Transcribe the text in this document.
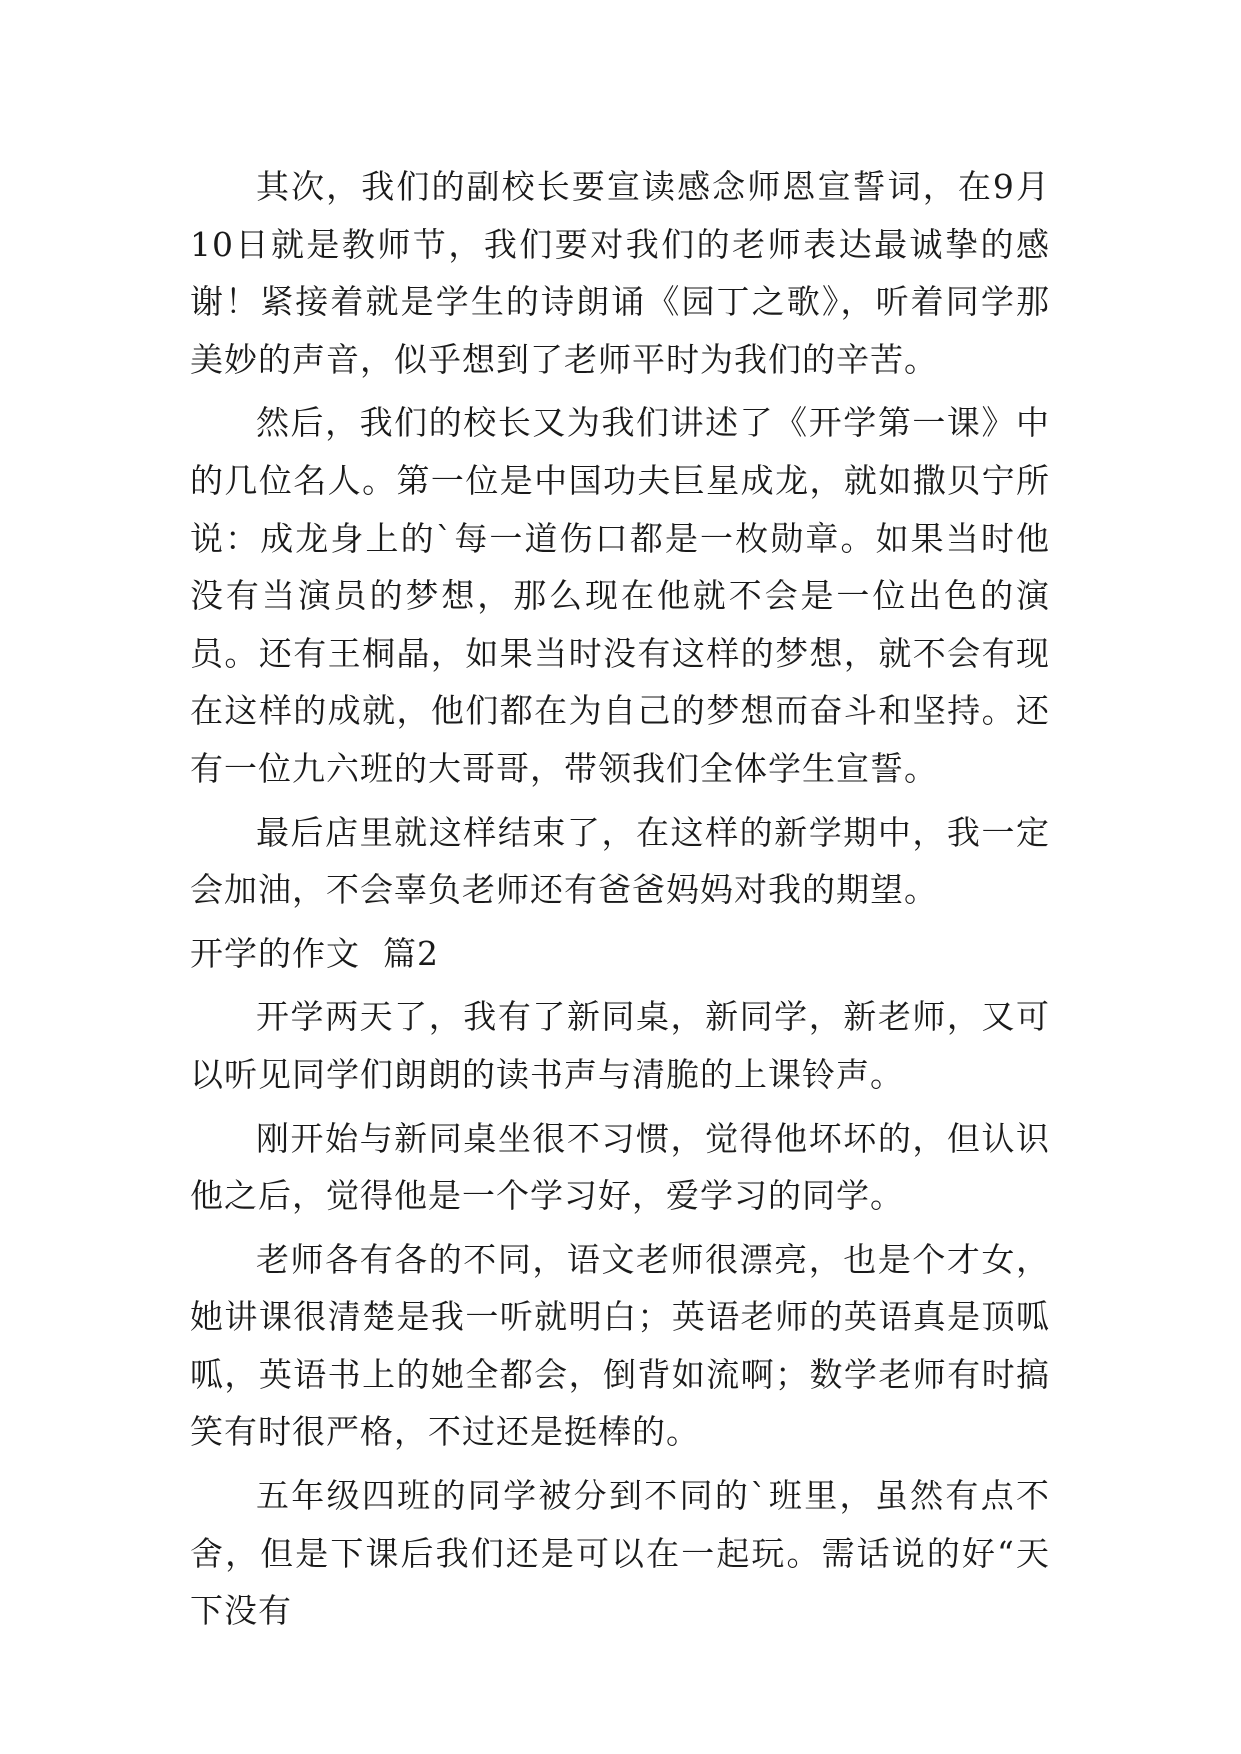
其次，我们的副校长要宣读感念师恩宣誓词，在9月10日就是教师节，我们要对我们的老师表达最诚挚的感谢！紧接着就是学生的诗朗诵《园丁之歌》，听着同学那美妙的声音，似乎想到了老师平时为我们的辛苦。

然后，我们的校长又为我们讲述了《开学第一课》中的几位名人。第一位是中国功夫巨星成龙，就如撒贝宁所说：成龙身上的`每一道伤口都是一枚勋章。如果当时他没有当演员的梦想，那么现在他就不会是一位出色的演员。还有王桐晶，如果当时没有这样的梦想，就不会有现在这样的成就，他们都在为自己的梦想而奋斗和坚持。还有一位九六班的大哥哥，带领我们全体学生宣誓。

最后店里就这样结束了，在这样的新学期中，我一定会加油，不会辜负老师还有爸爸妈妈对我的期望。

开学的作文  篇2

开学两天了，我有了新同桌，新同学，新老师，又可以听见同学们朗朗的读书声与清脆的上课铃声。

刚开始与新同桌坐很不习惯，觉得他坏坏的，但认识他之后，觉得他是一个学习好，爱学习的同学。

老师各有各的不同，语文老师很漂亮，也是个才女，她讲课很清楚是我一听就明白；英语老师的英语真是顶呱呱，英语书上的她全都会，倒背如流啊；数学老师有时搞笑有时很严格，不过还是挺棒的。

五年级四班的同学被分到不同的`班里，虽然有点不舍，但是下课后我们还是可以在一起玩。需话说的好“天下没有
